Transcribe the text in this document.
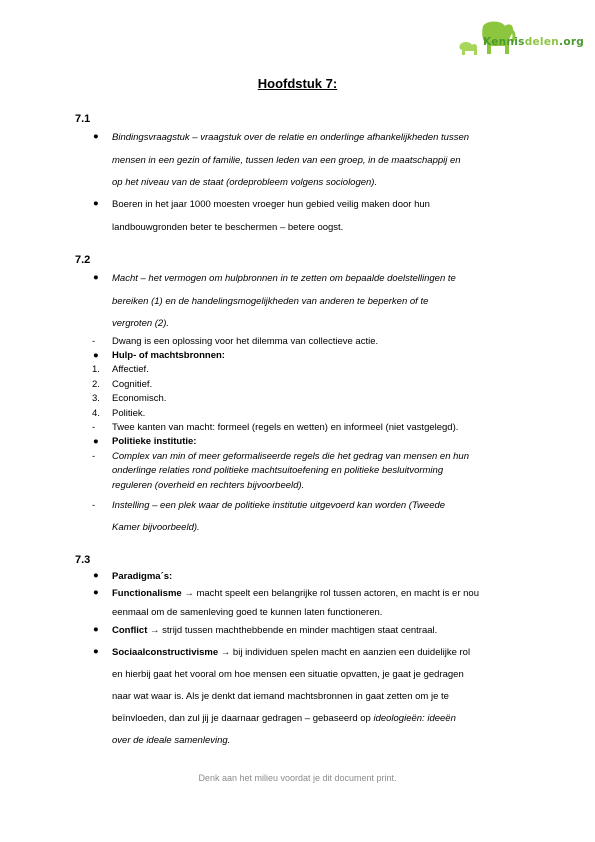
Kennisdelen.org
Hoofdstuk 7:
7.1
● Bindingsvraagstuk – vraagstuk over de relatie en onderlinge afhankelijkheden tussen
mensen in een gezin of familie, tussen leden van een groep, in de maatschappij en
op het niveau van de staat (ordeprobleem volgens sociologen).
● Boeren in het jaar 1000 moesten vroeger hun gebied veilig maken door hun
landbouwgronden beter te beschermen – betere oogst.
7.2
● Macht – het vermogen om hulpbronnen in te zetten om bepaalde doelstellingen te
bereiken (1) en de handelingsmogelijkheden van anderen te beperken of te
vergroten (2).
- Dwang is een oplossing voor het dilemma van collectieve actie.
● Hulp- of machtsbronnen:
1. Affectief.
2. Cognitief.
3. Economisch.
4. Politiek.
- Twee kanten van macht: formeel (regels en wetten) en informeel (niet vastgelegd).
● Politieke institutie:
- Complex van min of meer geformaliseerde regels die het gedrag van mensen en hun
onderlinge relaties rond politieke machtsuitoefening en politieke besluitvorming
reguleren (overheid en rechters bijvoorbeeld).
- Instelling – een plek waar de politieke institutie uitgevoerd kan worden (Tweede
Kamer bijvoorbeeld).
7.3
● Paradigma´s:
● Functionalisme → macht speelt een belangrijke rol tussen actoren, en macht is er nou
eenmaal om de samenleving goed te kunnen laten functioneren.
● Conflict → strijd tussen machthebbende en minder machtigen staat centraal.
● Sociaalconstructivisme → bij individuen spelen macht en aanzien een duidelijke rol
en hierbij gaat het vooral om hoe mensen een situatie opvatten, je gaat je gedragen
naar wat waar is. Als je denkt dat iemand machtsbronnen in gaat zetten om je te
beïnvloeden, dan zul jij je daarnaar gedragen – gebaseerd op ideologieën: ideeën
over de ideale samenleving.
Denk aan het milieu voordat je dit document print.
